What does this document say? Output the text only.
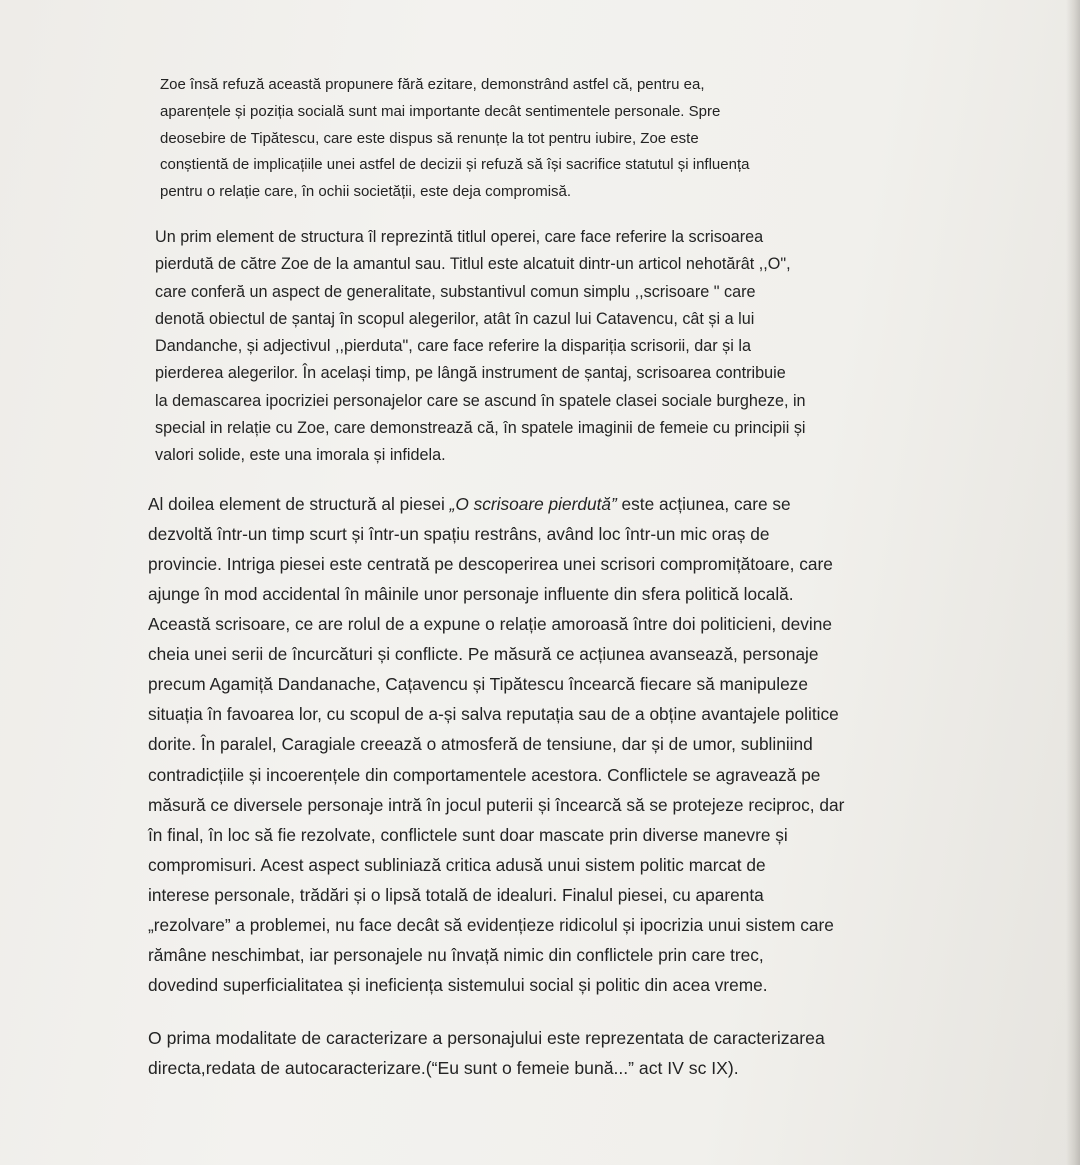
Zoe însă refuză această propunere fără ezitare, demonstrând astfel că, pentru ea,
aparențele și poziția socială sunt mai importante decât sentimentele personale. Spre
deosebire de Tipătescu, care este dispus să renunțe la tot pentru iubire, Zoe este
conștientă de implicațiile unei astfel de decizii și refuză să își sacrifice statutul și influența
pentru o relație care, în ochii societății, este deja compromisă.

Un prim element de structura îl reprezintă titlul operei, care face referire la scrisoarea
pierdută de către Zoe de la amantul sau. Titlul este alcatuit dintr-un articol nehotărât ,,O",
care conferă un aspect de generalitate, substantivul comun simplu ,,scrisoare " care
denotă obiectul de șantaj în scopul alegerilor, atât în cazul lui Catavencu, cât și a lui
Dandanche, și adjectivul ,,pierduta", care face referire la dispariția scrisorii, dar și la
pierderea alegerilor. În același timp, pe lângă instrument de șantaj, scrisoarea contribuie
la demascarea ipocriziei personajelor care se ascund în spatele clasei sociale burgheze, in
special in relație cu Zoe, care demonstrează că, în spatele imaginii de femeie cu principii și
valori solide, este una imorala și infidela.

Al doilea element de structură al piesei „O scrisoare pierdută” este acțiunea, care se
dezvoltă într-un timp scurt și într-un spațiu restrâns, având loc într-un mic oraș de
provincie. Intriga piesei este centrată pe descoperirea unei scrisori compromițătoare, care
ajunge în mod accidental în mâinile unor personaje influente din sfera politică locală.
Această scrisoare, ce are rolul de a expune o relație amoroasă între doi politicieni, devine
cheia unei serii de încurcături și conflicte. Pe măsură ce acțiunea avansează, personaje
precum Agamiță Dandanache, Cațavencu și Tipătescu încearcă fiecare să manipuleze
situația în favoarea lor, cu scopul de a-și salva reputația sau de a obține avantajele politice
dorite. În paralel, Caragiale creează o atmosferă de tensiune, dar și de umor, subliniind
contradicțiile și incoerențele din comportamentele acestora. Conflictele se agravează pe
măsură ce diversele personaje intră în jocul puterii și încearcă să se protejeze reciproc, dar
în final, în loc să fie rezolvate, conflictele sunt doar mascate prin diverse manevre și
compromisuri. Acest aspect subliniază critica adusă unui sistem politic marcat de
interese personale, trădări și o lipsă totală de idealuri. Finalul piesei, cu aparenta
„rezolvare” a problemei, nu face decât să evidențieze ridicolul și ipocrizia unui sistem care
rămâne neschimbat, iar personajele nu învață nimic din conflictele prin care trec,
dovedind superficialitatea și ineficiența sistemului social și politic din acea vreme.

O prima modalitate de caracterizare a personajului este reprezentata de caracterizarea
directa,redata de autocaracterizare.(“Eu sunt o femeie bună...” act IV sc IX).
